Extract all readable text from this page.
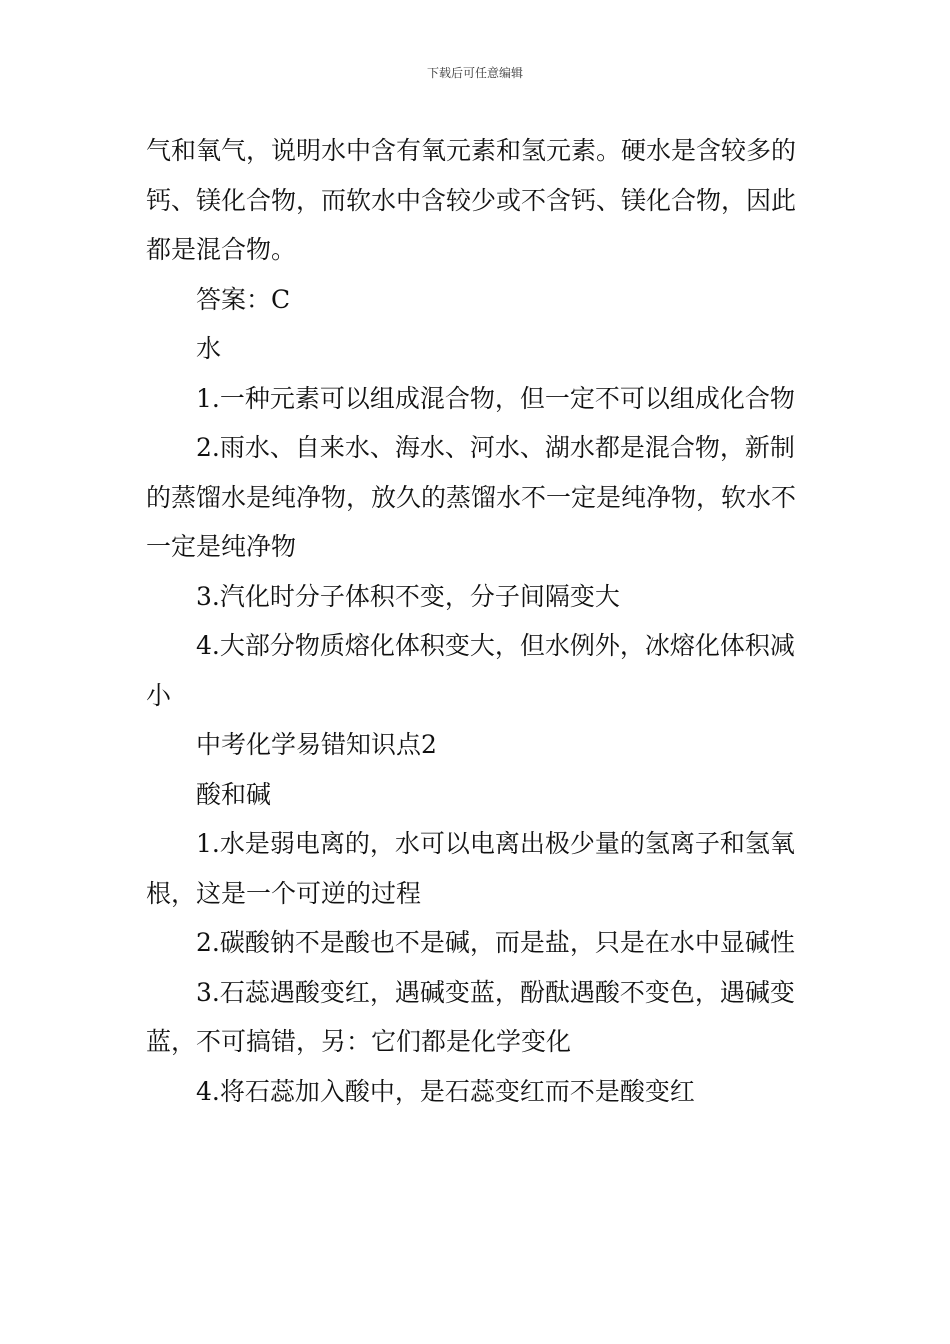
下载后可任意编辑

气和氧气，说明水中含有氧元素和氢元素。硬水是含较多的钙、镁化合物，而软水中含较少或不含钙、镁化合物，因此都是混合物。

答案：C

水

1.一种元素可以组成混合物，但一定不可以组成化合物

2.雨水、自来水、海水、河水、湖水都是混合物，新制的蒸馏水是纯净物，放久的蒸馏水不一定是纯净物，软水不一定是纯净物

3.汽化时分子体积不变，分子间隔变大

4.大部分物质熔化体积变大，但水例外，冰熔化体积减小

中考化学易错知识点2

酸和碱

1.水是弱电离的，水可以电离出极少量的氢离子和氢氧根，这是一个可逆的过程

2.碳酸钠不是酸也不是碱，而是盐，只是在水中显碱性

3.石蕊遇酸变红，遇碱变蓝，酚酞遇酸不变色，遇碱变蓝，不可搞错，另：它们都是化学变化

4.将石蕊加入酸中，是石蕊变红而不是酸变红
